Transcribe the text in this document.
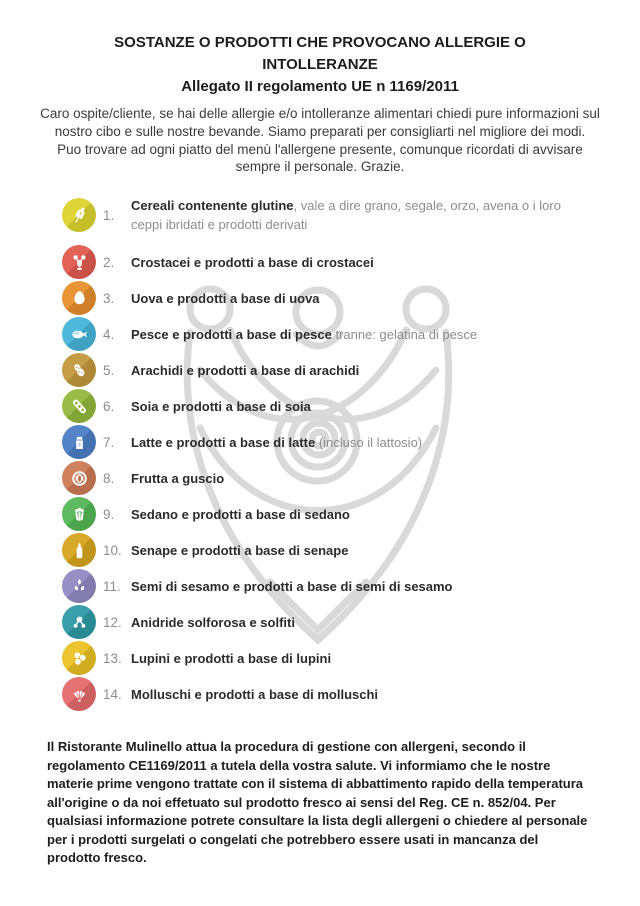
SOSTANZE O PRODOTTI CHE PROVOCANO ALLERGIE O INTOLLERANZE
Allegato II regolamento UE n 1169/2011

Caro ospite/cliente, se hai delle allergie e/o intolleranze alimentari chiedi pure informazioni sul nostro cibo e sulle nostre bevande. Siamo preparati per consigliarti nel migliore dei modi.

Puo trovare ad ogni piatto del menù l'allergene presente, comunque ricordati di avvisare sempre il personale. Grazie.

1.

Cereali contenente glutine, vale a dire grano, segale, orzo, avena o i loro ceppi ibridati e prodotti derivati

2.	Crostacei e prodotti a base di crostacei

3.	Uova e prodotti a base di uova

4.	Pesce e prodotti a base di pesce tranne: gelatina di pesce

5.	Arachidi e prodotti a base di arachidi

6.	Soia e prodotti a base di soia

7.	Latte e prodotti a base di latte (incluso il lattosio)

8.	Frutta a guscio

9.	Sedano e prodotti a base di sedano

10. Senape e prodotti a base di senape

11. Semi di sesamo e prodotti a base di semi di sesamo

12. Anidride solforosa e solfiti

13. Lupini e prodotti a base di lupini

14. Molluschi e prodotti a base di molluschi

Il Ristorante Mulinello attua la procedura di gestione con allergeni, secondo il regolamento CE1169/2011 a tutela della vostra salute. Vi informiamo che le nostre materie prime vengono trattate con il sistema di abbattimento rapido della temperatura all'origine o da noi effetuato sul prodotto fresco ai sensi del Reg. CE n. 852/04. Per qualsiasi informazione potrete consultare la lista degli allergeni o chiedere al personale per i prodotti surgelati o congelati che potrebbero essere usati in mancanza del prodotto fresco.
